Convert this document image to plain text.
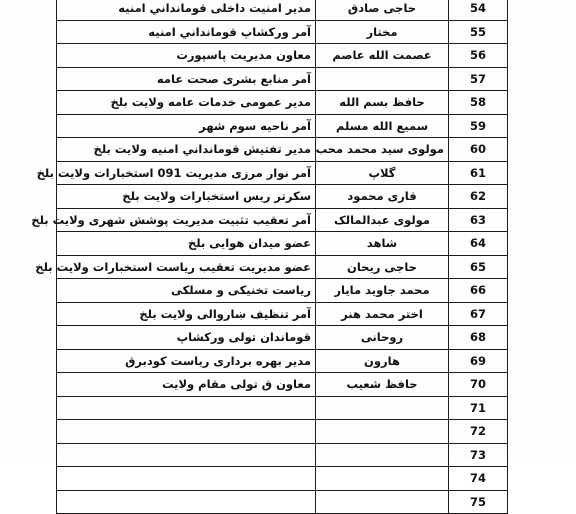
مدیر امنیت داخلی قومانداني امنیه	حاجی صادق	54
آمر ورکشاپ قومانداني امنیه	مختار	55
معاون مدیریت پاسپورت	عصمت الله عاصم	56
آمر منابع بشری صحت عامه		57
مدیر عمومی خدمات عامه ولایت بلخ	حافظ بسم الله	58
آمر ناحیه سوم شهر	سمیع الله مسلم	59
مدیر تفتیش قومانداني امنیه ولایت بلخ	مولوی سید محمد محب	60
آمر نوار مرزی مدیریت 091 استخبارات ولایت بلخ	گلاپ	61
سکرتر ریس استخبارات ولایت بلخ	قاری محمود	62
آمر تعقیب تثبیت مدیریت پوشش شهری ولایت بلخ	مولوی عبدالمالک	63
عضو میدان هوایی بلخ	شاهد	64
عضو مدیریت تعقیب ریاست استخبارات ولایت بلخ	حاجی ریحان	65
ریاست تخنیکی و مسلکی	محمد جاوید مایار	66
آمر تنظیف ښاروالی ولایت بلخ	اختر محمد هنر	67
قوماندان تولی ورکشاپ	روحانی	68
مدیر بهره برداری ریاست کودبرق	هارون	69
معاون ق تولی مقام ولایت	حافظ شعیب	70
		71
		72
		73
		74
		75
